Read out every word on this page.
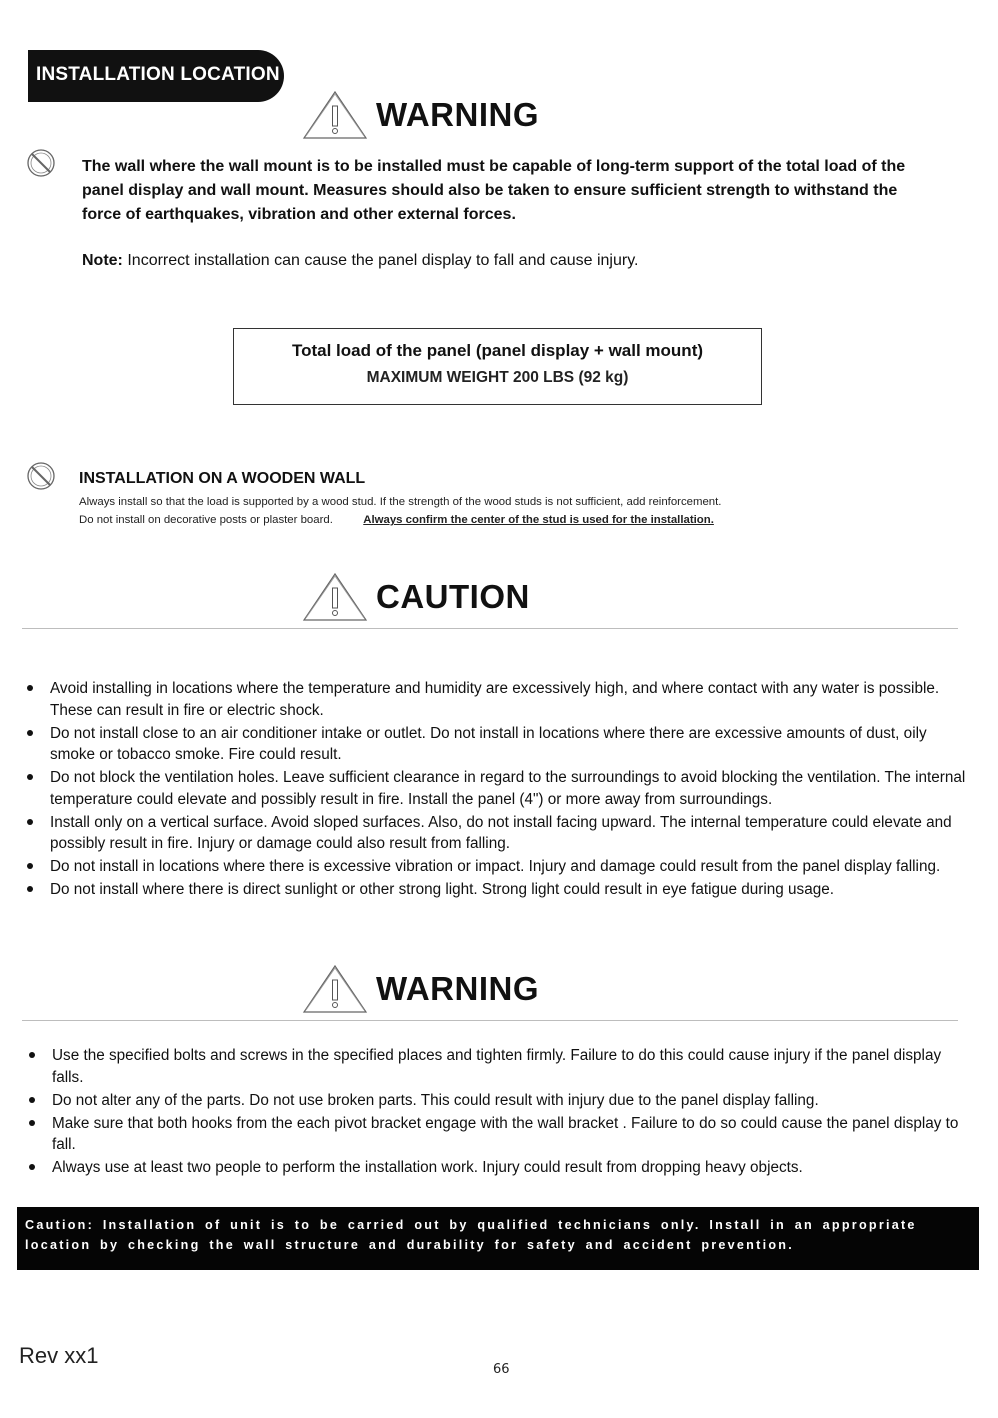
INSTALLATION LOCATION
WARNING
The wall where the wall mount is to be installed must be capable of long-term support of the total load of the panel display and wall mount. Measures should also be taken to ensure sufficient strength to withstand the force of earthquakes, vibration and other external forces.
Note: Incorrect installation can cause the panel display to fall and cause injury.
Total load of the panel (panel display + wall mount)
MAXIMUM WEIGHT 200 LBS (92 kg)
INSTALLATION ON A WOODEN WALL
Always install so that the load is supported by a wood stud. If the strength of the wood studs is not sufficient, add reinforcement.
Do not install on decorative posts or plaster board.	Always confirm the center of the stud is used for the installation.
CAUTION
Avoid installing in locations where the temperature and humidity are excessively high, and where contact with any water is possible. These can result in fire or electric shock.
Do not install close to an air conditioner intake or outlet. Do not install in locations where there are excessive amounts of dust, oily smoke or tobacco smoke. Fire could result.
Do not block the ventilation holes. Leave sufficient clearance in regard to the surroundings to avoid blocking the ventilation. The internal temperature could elevate and possibly result in fire. Install the panel (4") or more away from surroundings.
Install only on a vertical surface. Avoid sloped surfaces. Also, do not install facing upward. The internal temperature could elevate and possibly result in fire. Injury or damage could also result from falling.
Do not install in locations where there is excessive vibration or impact. Injury and damage could result from the panel display falling.
Do not install where there is direct sunlight or other strong light. Strong light could result in eye fatigue during usage.
WARNING
Use the specified bolts and screws in the specified places and tighten firmly. Failure to do this could cause injury if the panel display falls.
Do not alter any of the parts. Do not use broken parts. This could result with injury due to the panel display falling.
Make sure that both hooks from the each pivot bracket engage with the wall bracket . Failure to do so could cause the panel display to fall.
Always use at least two people to perform the installation work. Injury could result from dropping heavy objects.
Caution: Installation of unit is to be carried out by qualified technicians only. Install in an appropriate location by checking the wall structure and durability for safety and accident prevention.
Rev xx1
66
